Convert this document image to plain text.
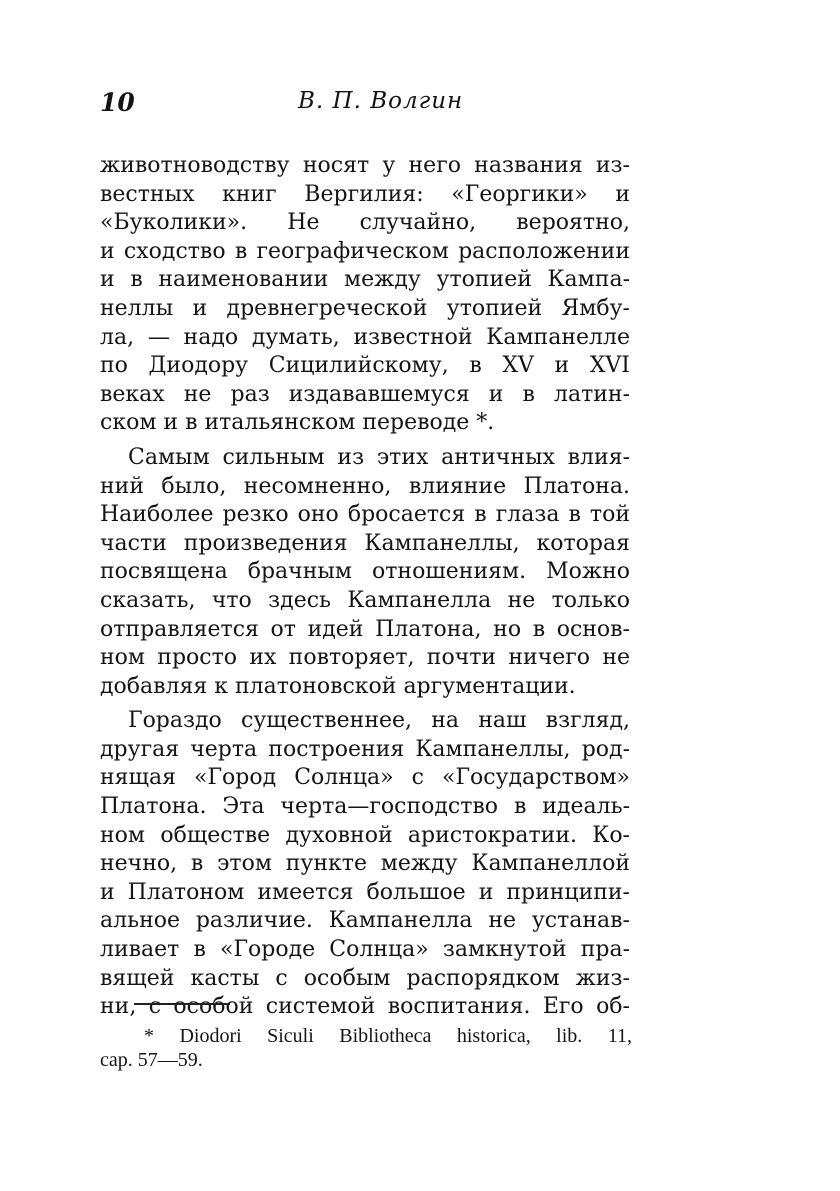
10	В. П. Волгин
животноводству носят у него названия из-
вестных книг Вергилия: «Георгики» и
«Буколики». Не случайно, вероятно,
и сходство в географическом расположении
и в наименовании между утопией Кампа-
неллы и древнегреческой утопией Ямбу-
ла, — надо думать, известной Кампанелле
по Диодору Сицилийскому, в XV и XVI
веках не раз издававшемуся и в латин-
ском и в итальянском переводе *.
Самым сильным из этих античных влия-
ний было, несомненно, влияние Платона.
Наиболее резко оно бросается в глаза в той
части произведения Кампанеллы, которая
посвящена брачным отношениям. Можно
сказать, что здесь Кампанелла не только
отправляется от идей Платона, но в основ-
ном просто их повторяет, почти ничего не
добавляя к платоновской аргументации.
Гораздо существеннее, на наш взгляд,
другая черта построения Кампанеллы, род-
нящая «Город Солнца» с «Государством»
Платона. Эта черта—господство в идеаль-
ном обществе духовной аристократии. Ко-
нечно, в этом пункте между Кампанеллой
и Платоном имеется большое и принципи-
альное различие. Кампанелла не устанав-
ливает в «Городе Солнца» замкнутой пра-
вящей касты с особым распорядком жиз-
ни, с особой системой воспитания. Его об-
* Diodori Siculi Bibliotheca historica, lib. 11,
cap. 57—59.
